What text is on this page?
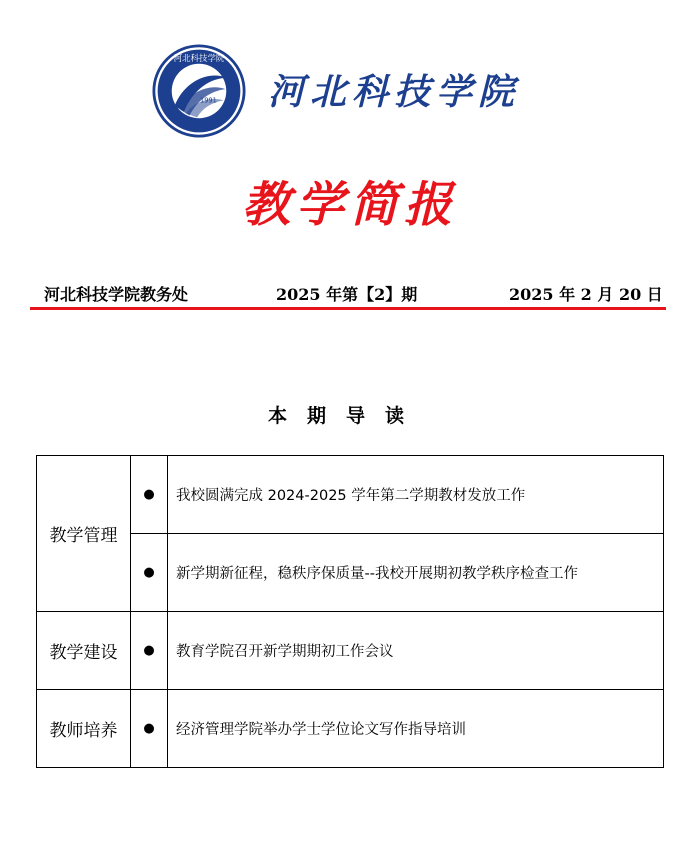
河北科技学院
1991 河北科技学院
教学简报
河北科技学院教务处	2025 年第【2】期	2025 年 2 月 20 日
本期导读
教学管理	●	我校圆满完成 2024-2025 学年第二学期教材发放工作
	●	新学期新征程，稳秩序保质量--我校开展期初教学秩序检查工作
教学建设	●	教育学院召开新学期期初工作会议
教师培养	●	经济管理学院举办学士学位论文写作指导培训
